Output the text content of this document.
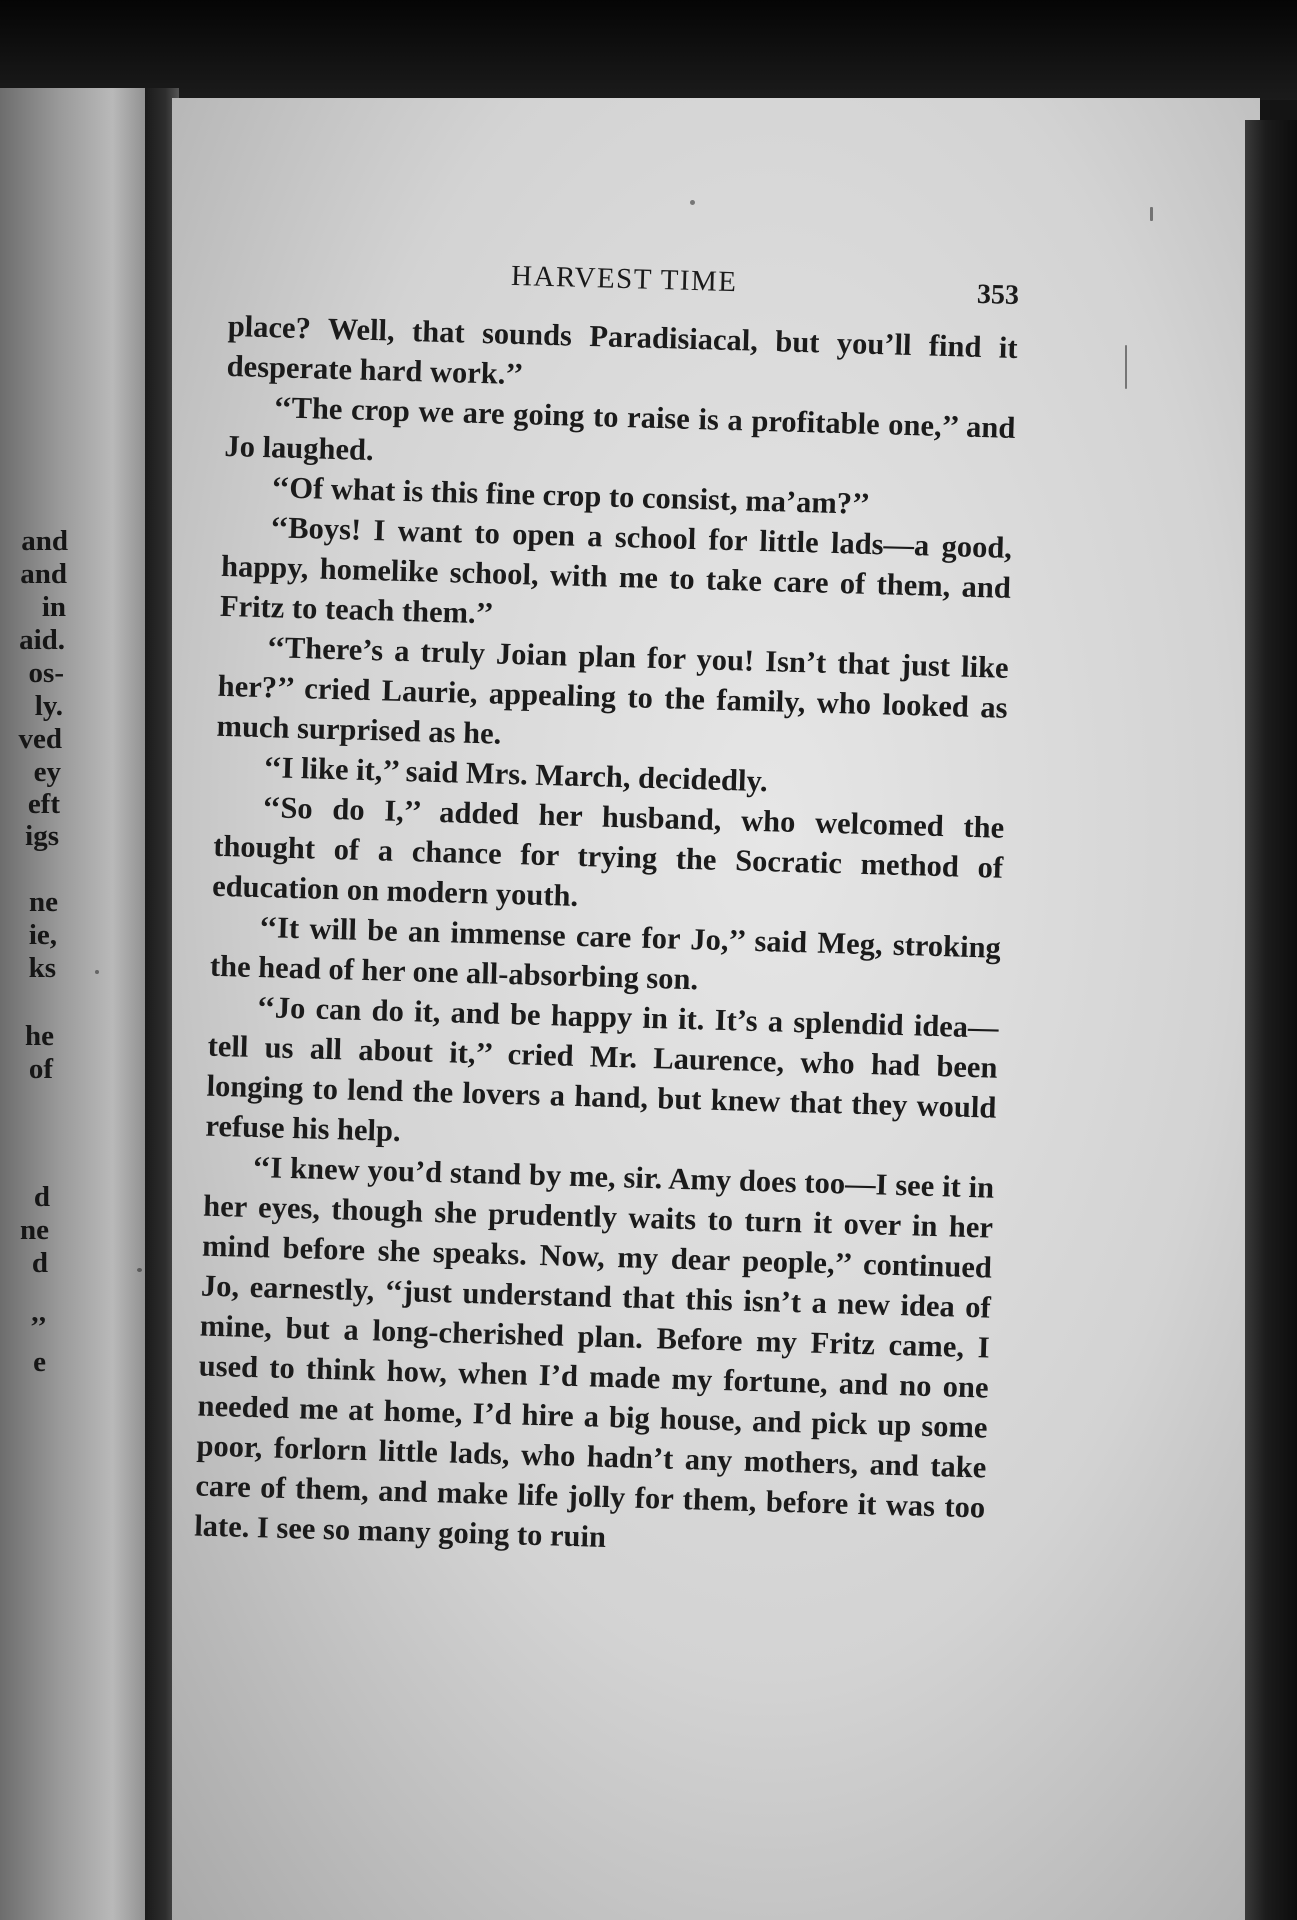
and
and
in
aid.
os-
ly.
ved
ey
eft
igs
ne
ie,
ks
he
of
d
ne
d
’’
e
HARVEST TIME	353

place? Well, that sounds Paradisiacal, but you’ll find it desperate hard work.’’

‘‘The crop we are going to raise is a profitable one,’’ and Jo laughed.

‘‘Of what is this fine crop to consist, ma’am?’’

‘‘Boys! I want to open a school for little lads—a good, happy, homelike school, with me to take care of them, and Fritz to teach them.’’

‘‘There’s a truly Joian plan for you! Isn’t that just like her?’’ cried Laurie, appealing to the family, who looked as much surprised as he.

‘‘I like it,’’ said Mrs. March, decidedly.

‘‘So do I,’’ added her husband, who welcomed the thought of a chance for trying the Socratic method of education on modern youth.

‘‘It will be an immense care for Jo,’’ said Meg, stroking the head of her one all-absorbing son.

‘‘Jo can do it, and be happy in it. It’s a splendid idea—tell us all about it,’’ cried Mr. Laurence, who had been longing to lend the lovers a hand, but knew that they would refuse his help.

‘‘I knew you’d stand by me, sir. Amy does too—I see it in her eyes, though she prudently waits to turn it over in her mind before she speaks. Now, my dear people,’’ continued Jo, earnestly, ‘‘just understand that this isn’t a new idea of mine, but a long-cherished plan. Before my Fritz came, I used to think how, when I’d made my fortune, and no one needed me at home, I’d hire a big house, and pick up some poor, forlorn little lads, who hadn’t any mothers, and take care of them, and make life jolly for them, before it was too late. I see so many going to ruin
